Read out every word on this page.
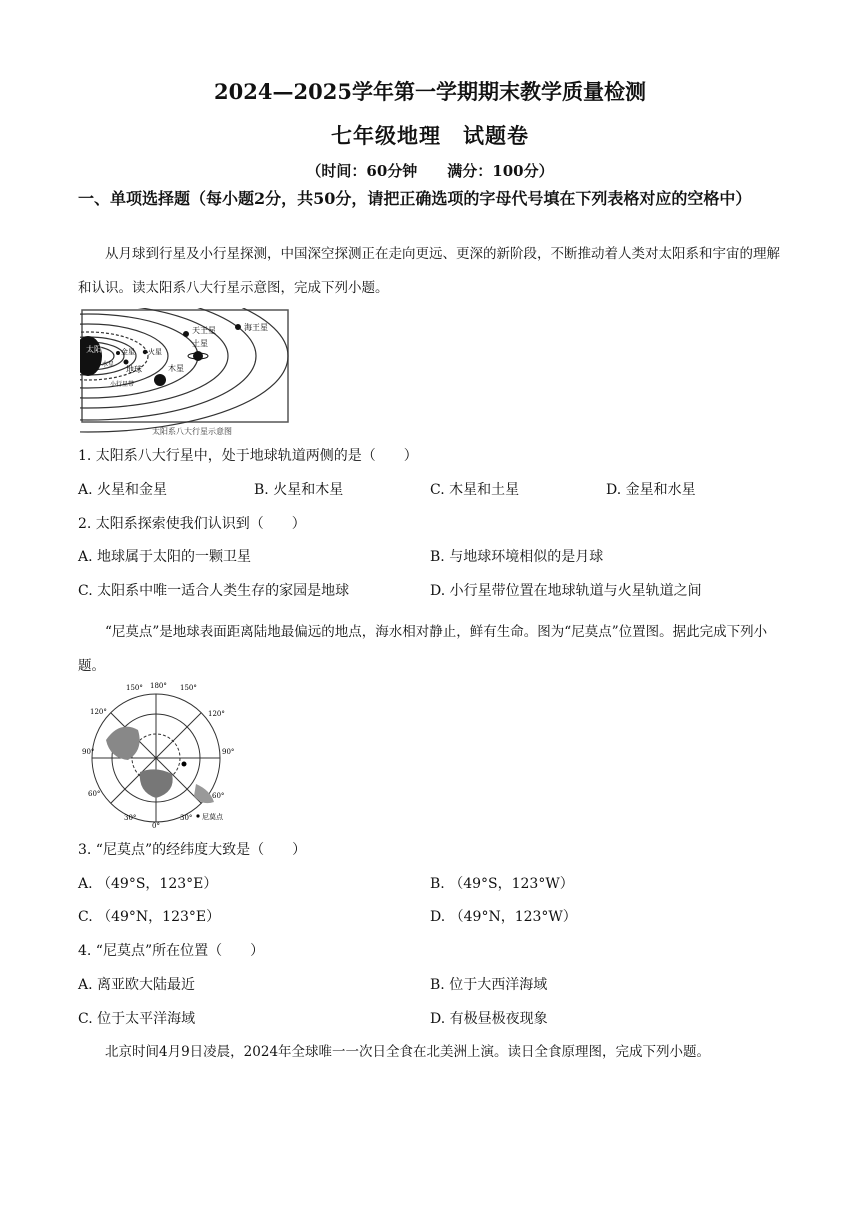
2024—2025学年第一学期期末教学质量检测
七年级地理　试题卷
（时间：60分钟　　满分：100分）
一、单项选择题（每小题2分，共50分，请把正确选项的字母代号填在下列表格对应的空格中）
从月球到行星及小行星探测，中国深空探测正在走向更远、更深的新阶段，不断推动着人类对太阳系和宇宙的理解和认识。读太阳系八大行星示意图，完成下列小题。
太阳
海王星
天王星
土星
木星
火星
地球
金星
水星
小行星带
太阳系八大行星示意图
1. 太阳系八大行星中，处于地球轨道两侧的是（　　）
A. 火星和金星	B. 火星和木星	C. 木星和土星	D. 金星和水星
2. 太阳系探索使我们认识到（　　）
A. 地球属于太阳的一颗卫星	B. 与地球环境相似的是月球
C. 太阳系中唯一适合人类生存的家园是地球	D. 小行星带位置在地球轨道与火星轨道之间
“尼莫点”是地球表面距离陆地最偏远的地点，海水相对静止，鲜有生命。图为“尼莫点”位置图。据此完成下列小题。
150° 180° 150°
120°	120°
90°	90°
60°	60°
30°
0°
30° 尼莫点
3. “尼莫点”的经纬度大致是（　　）
A. （49°S，123°E）	B. （49°S，123°W）
C. （49°N，123°E）	D. （49°N，123°W）
4. “尼莫点”所在位置（　　）
A. 离亚欧大陆最近	B. 位于大西洋海域
C. 位于太平洋海域	D. 有极昼极夜现象
北京时间4月9日凌晨，2024年全球唯一一次日全食在北美洲上演。读日全食原理图，完成下列小题。
